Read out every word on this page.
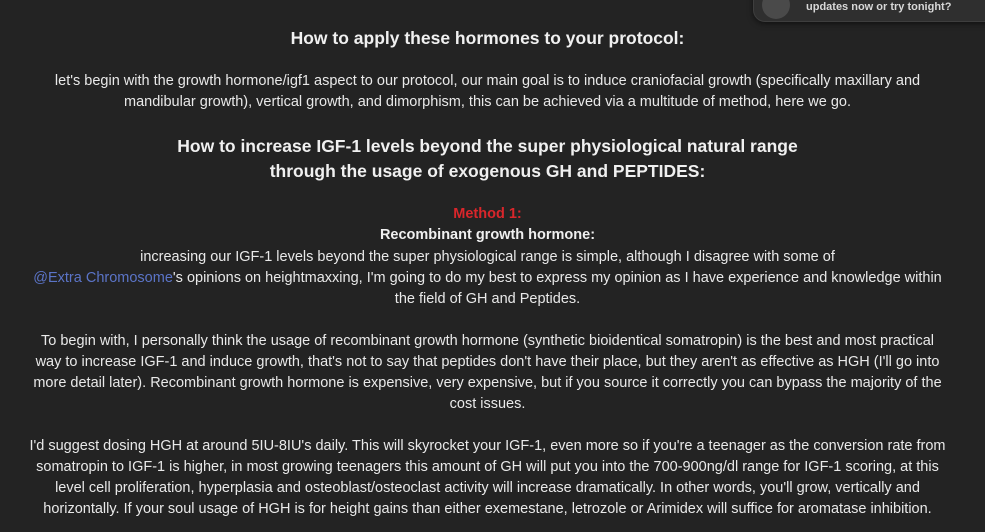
updates now or try tonight?
How to apply these hormones to your protocol:

let's begin with the growth hormone/igf1 aspect to our protocol, our main goal is to induce craniofacial growth (specifically maxillary and

mandibular growth), vertical growth, and dimorphism, this can be achieved via a multitude of method, here we go.

How to increase IGF-1 levels beyond the super physiological natural range
through the usage of exogenous GH and PEPTIDES:
Method 1:
Recombinant growth hormone:

increasing our IGF-1 levels beyond the super physiological range is simple, although I disagree with some of

@Extra Chromosome's opinions on heightmaxxing, I'm going to do my best to express my opinion as I have experience and knowledge within

the field of GH and Peptides.

To begin with, I personally think the usage of recombinant growth hormone (synthetic bioidentical somatropin) is the best and most practical

way to increase IGF-1 and induce growth, that's not to say that peptides don't have their place, but they aren't as effective as HGH (I'll go into

more detail later). Recombinant growth hormone is expensive, very expensive, but if you source it correctly you can bypass the majority of the

cost issues.

I'd suggest dosing HGH at around 5IU-8IU's daily. This will skyrocket your IGF-1, even more so if you're a teenager as the conversion rate from

somatropin to IGF-1 is higher, in most growing teenagers this amount of GH will put you into the 700-900ng/dl range for IGF-1 scoring, at this

level cell proliferation, hyperplasia and osteoblast/osteoclast activity will increase dramatically. In other words, you'll grow, vertically and

horizontally. If your soul usage of HGH is for height gains than either exemestane, letrozole or Arimidex will suffice for aromatase inhibition.
